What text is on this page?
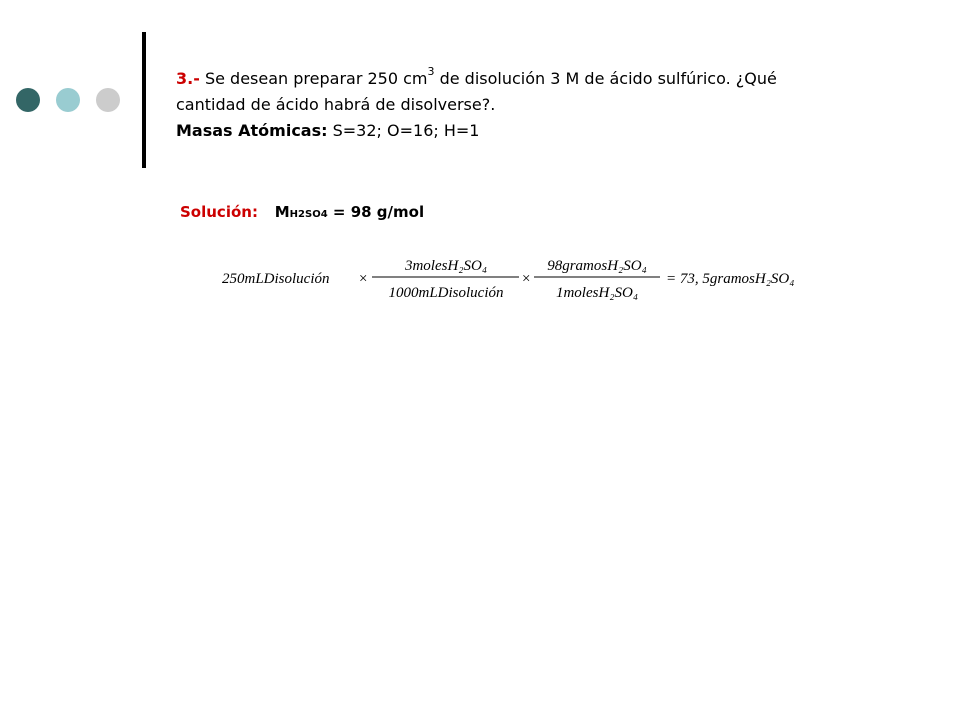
3.- Se desean preparar 250 $cm^3$ de disolución 3 M de ácido sulfúrico. ¿Qué
cantidad de ácido habrá de disolverse?.
Masas Atómicas: S=32; O=16; H=1
Solución: MH2SO4 = 98 g/mol
250mLDisolución ×
3molesH₂SO₄
1000mLDisolución
×
98gramosH₂SO₄
1molesH₂SO₄
= 73, 5gramosH₂SO₄
